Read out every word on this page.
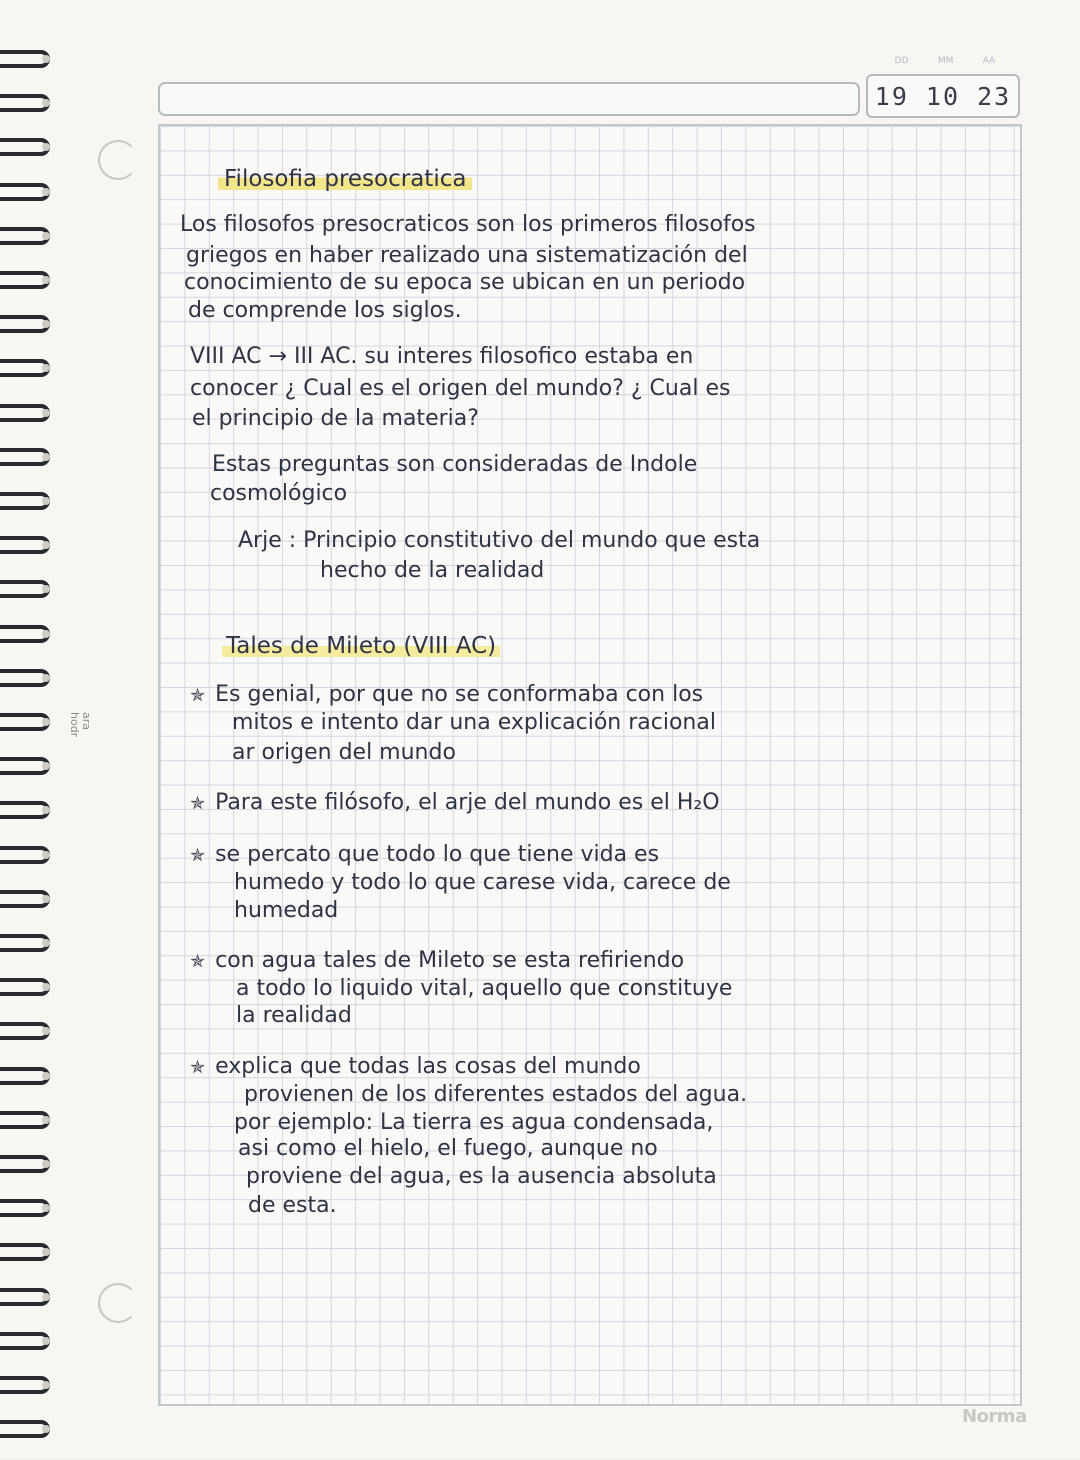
DD	MM	AA
19 10 23
ara hodr
Filosofia presocratica
Los filosofos presocraticos son los primeros filosofos
griegos en haber realizado una sistematización del
conocimiento de su epoca se ubican en un periodo
de comprende los siglos.
VIII AC → III AC. su interes filosofico estaba en
conocer ¿ Cual es el origen del mundo? ¿ Cual es
el principio de la materia?
Estas preguntas son consideradas de Indole
cosmológico
Arje : Principio constitutivo del mundo que esta
hecho de la realidad
Tales de Mileto (VIII AC)
✯ Es genial, por que no se conformaba con los
mitos e intento dar una explicación racional
ar origen del mundo
✯ Para este filósofo, el arje del mundo es el H₂O
✯ se percato que todo lo que tiene vida es
humedo y todo lo que carese vida, carece de
humedad
✯ con agua tales de Mileto se esta refiriendo
a todo lo liquido vital, aquello que constituye
la realidad
✯ explica que todas las cosas del mundo
provienen de los diferentes estados del agua.
por ejemplo: La tierra es agua condensada,
asi como el hielo, el fuego, aunque no
proviene del agua, es la ausencia absoluta
de esta.
Norma
